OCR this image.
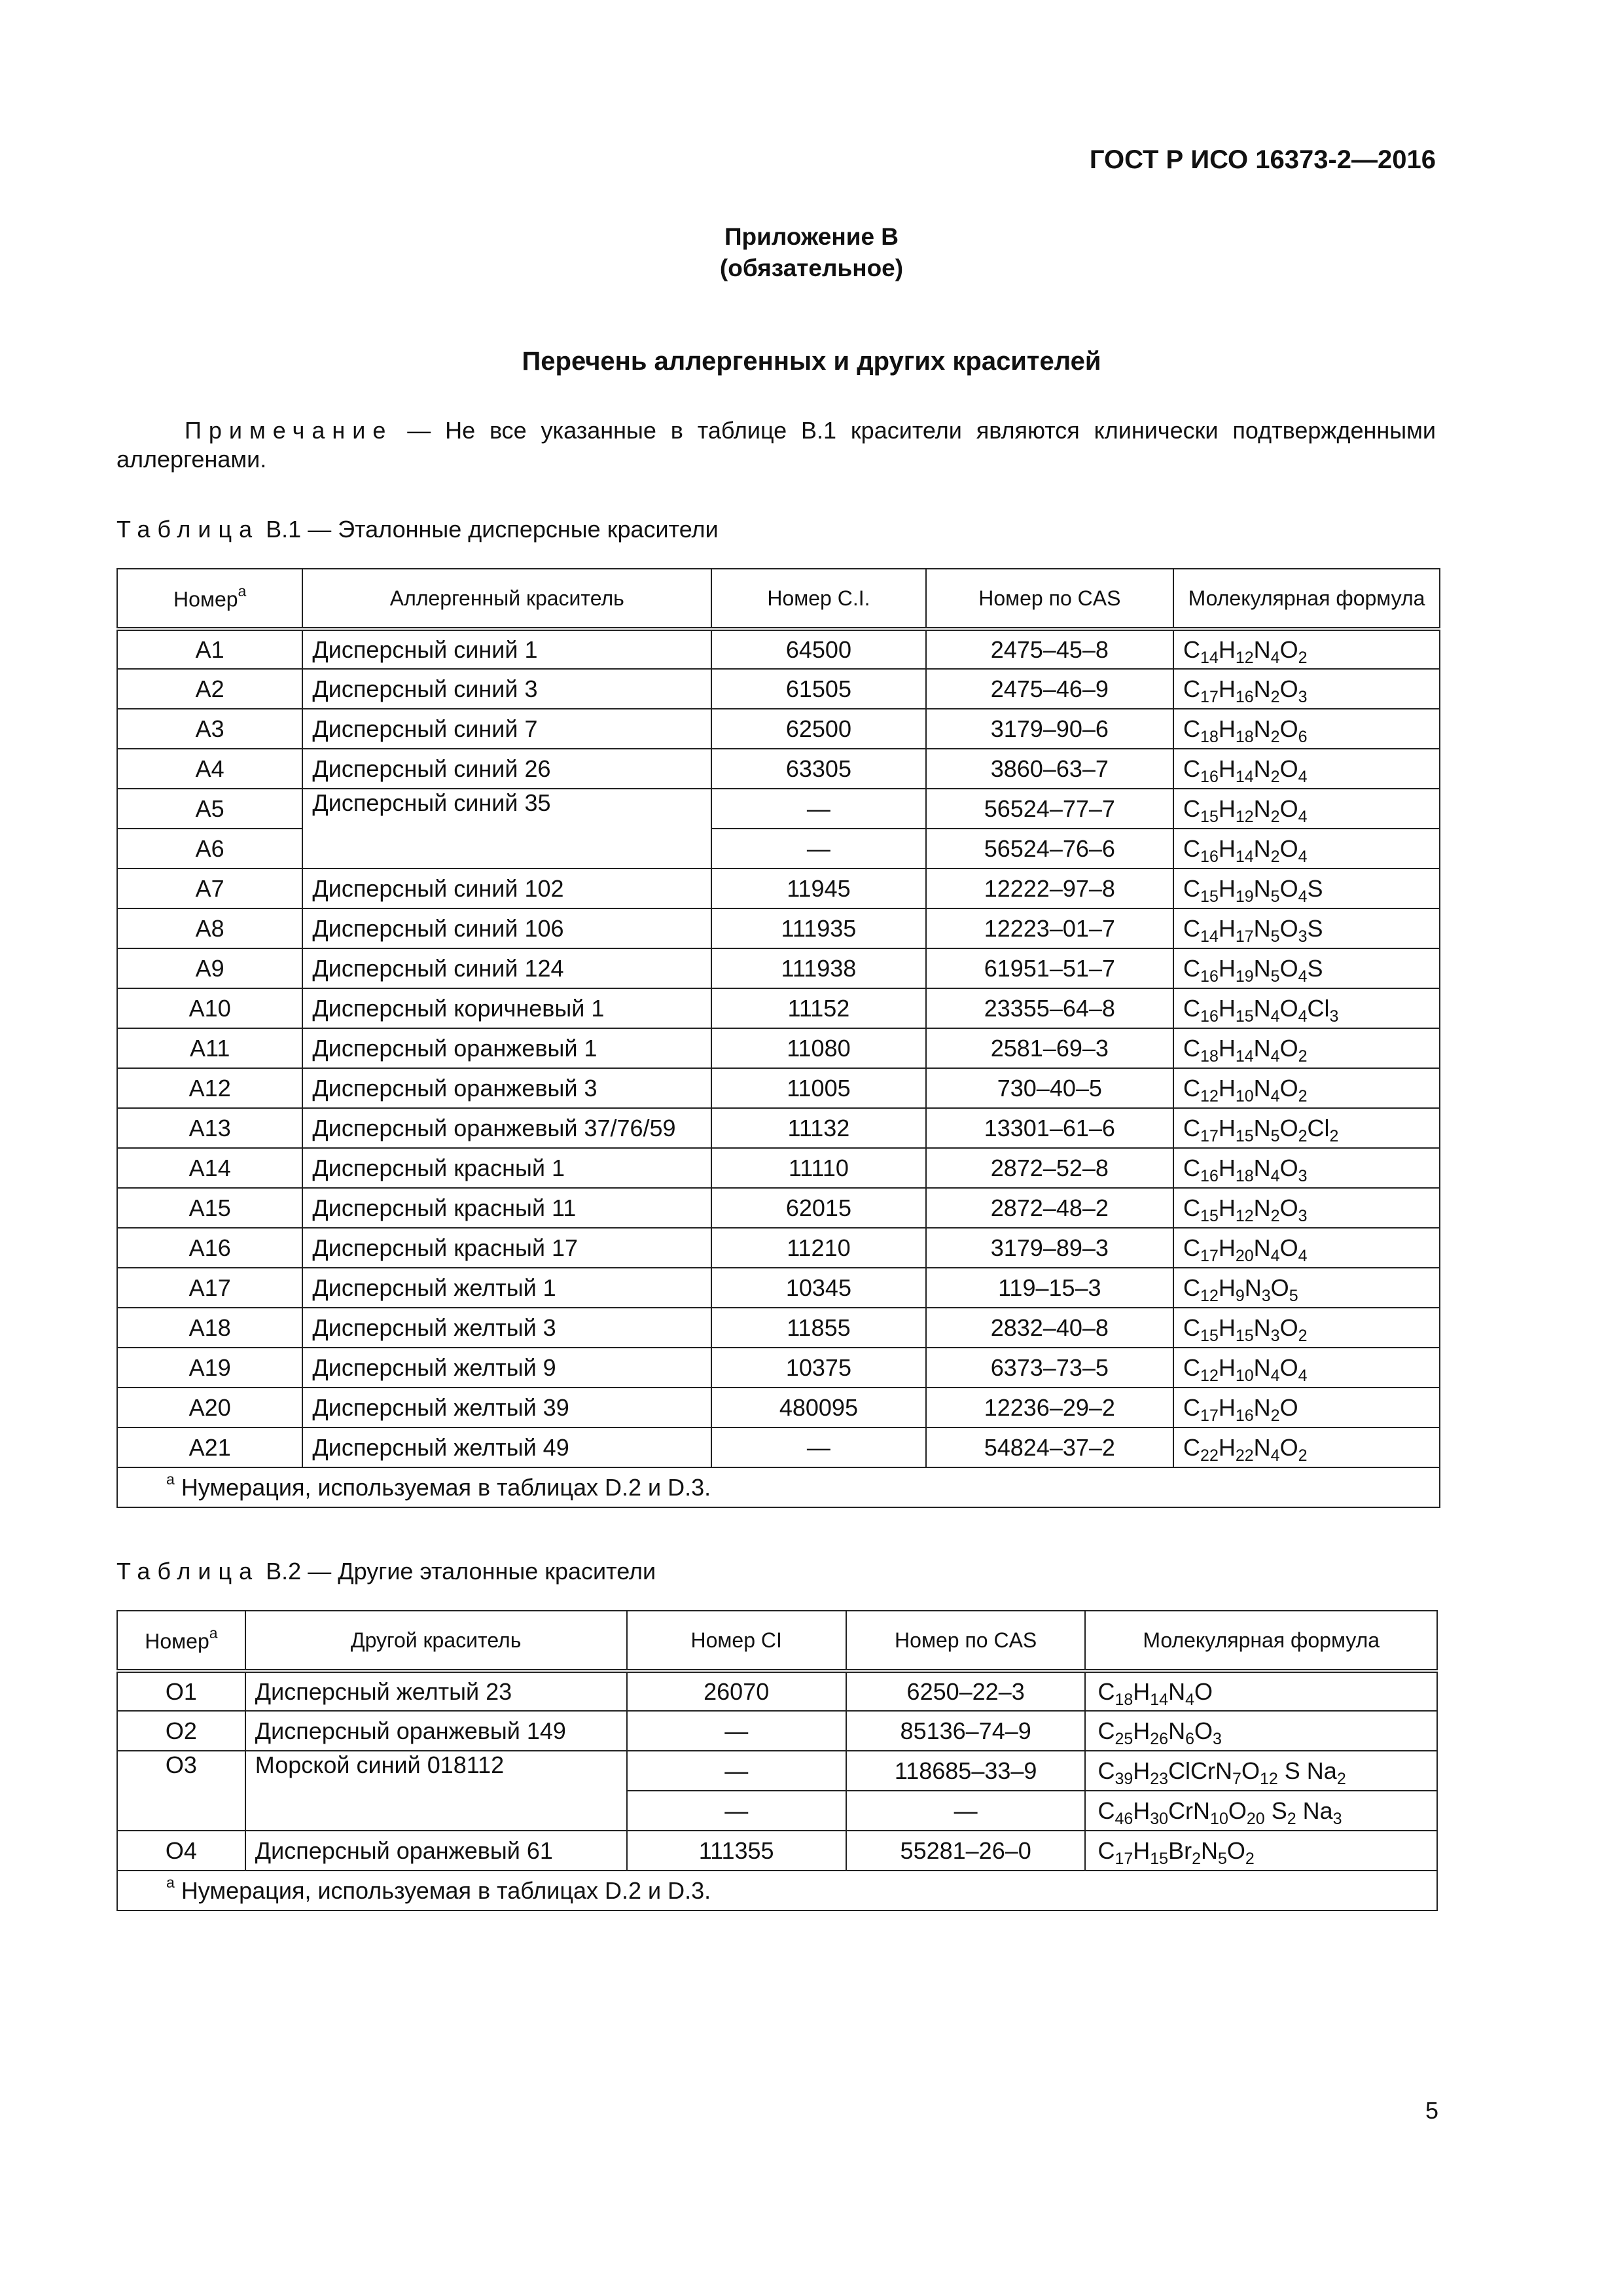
ГОСТ Р ИСО 16373-2—2016
Приложение В
(обязательное)
Перечень аллергенных и других красителей
Примечание — Не все указанные в таблице В.1 красители являются клинически подтвержденными аллергенами.
Таблица В.1 — Эталонные дисперсные красители
Номер$^a$	Аллергенный краситель	Номер C.I.	Номер по CAS	Молекулярная формула
A1	Дисперсный синий 1	64500	2475–45–8	$C_{14}H_{12}N_4O_2$
A2	Дисперсный синий 3	61505	2475–46–9	$C_{17}H_{16}N_2O_3$
A3	Дисперсный синий 7	62500	3179–90–6	$C_{18}H_{18}N_2O_6$
A4	Дисперсный синий 26	63305	3860–63–7	$C_{16}H_{14}N_2O_4$
A5	Дисперсный синий 35	—	56524–77–7	$C_{15}H_{12}N_2O_4$
A6		—	56524–76–6	$C_{16}H_{14}N_2O_4$
A7	Дисперсный синий 102	11945	12222–97–8	$C_{15}H_{19}N_5O_4S$
A8	Дисперсный синий 106	111935	12223–01–7	$C_{14}H_{17}N_5O_3S$
A9	Дисперсный синий 124	111938	61951–51–7	$C_{16}H_{19}N_5O_4S$
A10	Дисперсный коричневый 1	11152	23355–64–8	$C_{16}H_{15}N_4O_4Cl_3$
A11	Дисперсный оранжевый 1	11080	2581–69–3	$C_{18}H_{14}N_4O_2$
A12	Дисперсный оранжевый 3	11005	730–40–5	$C_{12}H_{10}N_4O_2$
A13	Дисперсный оранжевый 37/76/59	11132	13301–61–6	$C_{17}H_{15}N_5O_2Cl_2$
A14	Дисперсный красный 1	11110	2872–52–8	$C_{16}H_{18}N_4O_3$
A15	Дисперсный красный 11	62015	2872–48–2	$C_{15}H_{12}N_2O_3$
A16	Дисперсный красный 17	11210	3179–89–3	$C_{17}H_{20}N_4O_4$
A17	Дисперсный желтый 1	10345	119–15–3	$C_{12}H_9N_3O_5$
A18	Дисперсный желтый 3	11855	2832–40–8	$C_{15}H_{15}N_3O_2$
A19	Дисперсный желтый 9	10375	6373–73–5	$C_{12}H_{10}N_4O_4$
A20	Дисперсный желтый 39	480095	12236–29–2	$C_{17}H_{16}N_2O$
A21	Дисперсный желтый 49	—	54824–37–2	$C_{22}H_{22}N_4O_2$
$^a$ Нумерация, используемая в таблицах D.2 и D.3.				
Таблица В.2 — Другие эталонные красители
Номер$^a$	Другой краситель	Номер CI	Номер по CAS	Молекулярная формула
O1	Дисперсный желтый 23	26070	6250–22–3	$C_{18}H_{14}N_4O$
O2	Дисперсный оранжевый 149	—	85136–74–9	$C_{25}H_{26}N_6O_3$
O3	Морской синий 018112	—	118685–33–9	$C_{39}H_{23}ClCrN_7O_{12}$ S $Na_2$
		—	—	$C_{46}H_{30}CrN_{10}O_{20}$ $S_2$ $Na_3$
O4	Дисперсный оранжевый 61	111355	55281–26–0	$C_{17}H_{15}Br_2N_5O_2$
$^a$ Нумерация, используемая в таблицах D.2 и D.3.				
5
